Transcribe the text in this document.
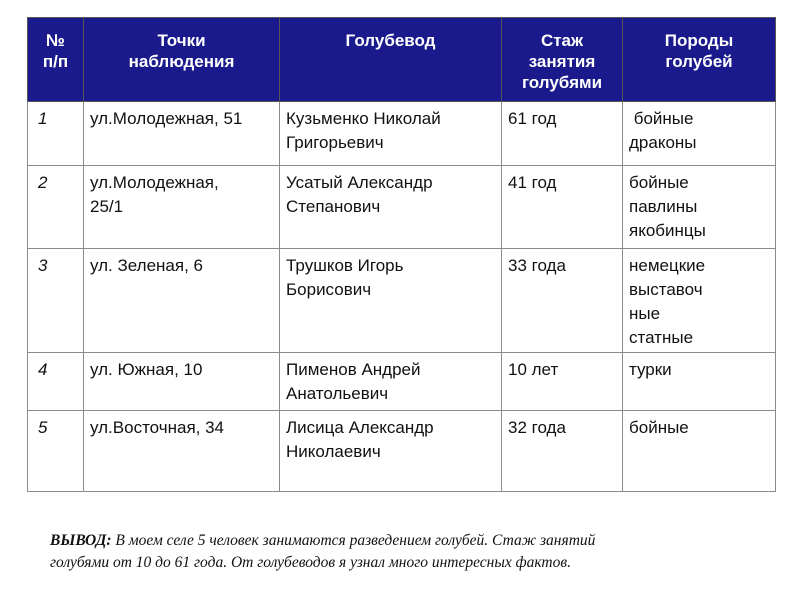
№
п/п	Точки
наблюдения	Голубевод	Стаж
занятия
голубями	Породы
голубей

1	ул.Молодежная, 51	Кузьменко Николай
Григорьевич	61 год	бойные
драконы

2	ул.Молодежная, 25/1	Усатый Александр
Степанович	41 год	бойные
павлины
якобинцы

3	ул. Зеленая, 6	Трушков Игорь
Борисович	33 года	немецкие
выставоч
ные
статные

4	ул. Южная, 10	Пименов Андрей
Анатольевич	10 лет	турки

5	ул.Восточная, 34	Лисица Александр
Николаевич	32 года	бойные
ВЫВОД: В моем селе 5 человек занимаются разведением голубей. Стаж занятий
голубями от 10 до 61 года. От голубеводов я узнал много интересных фактов.
